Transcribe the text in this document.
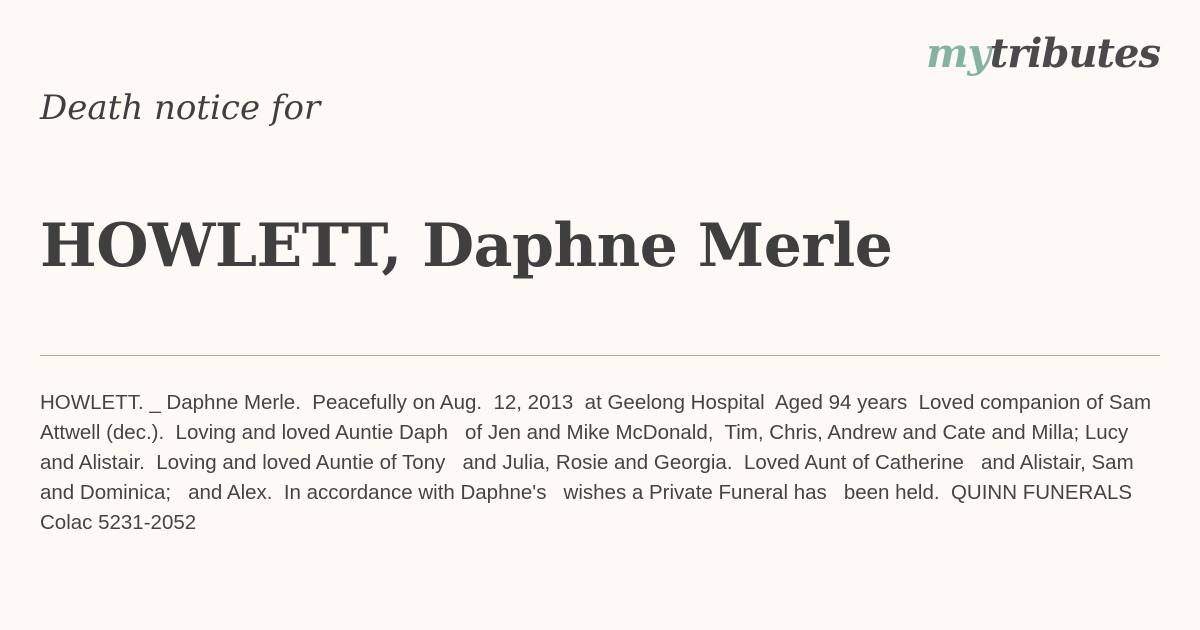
mytributes
Death notice for
HOWLETT, Daphne Merle

HOWLETT. _ Daphne Merle.  Peacefully on Aug.  12, 2013  at Geelong Hospital  Aged 94 years  Loved companion of Sam   Attwell (dec.).  Loving and loved Auntie Daph   of Jen and Mike McDonald,  Tim, Chris, Andrew and Cate and Milla; Lucy and Alistair.  Loving and loved Auntie of Tony   and Julia, Rosie and Georgia.  Loved Aunt of Catherine   and Alistair, Sam and Dominica;   and Alex.  In accordance with Daphne's   wishes a Private Funeral has   been held.  QUINN FUNERALS  Colac 5231-2052
